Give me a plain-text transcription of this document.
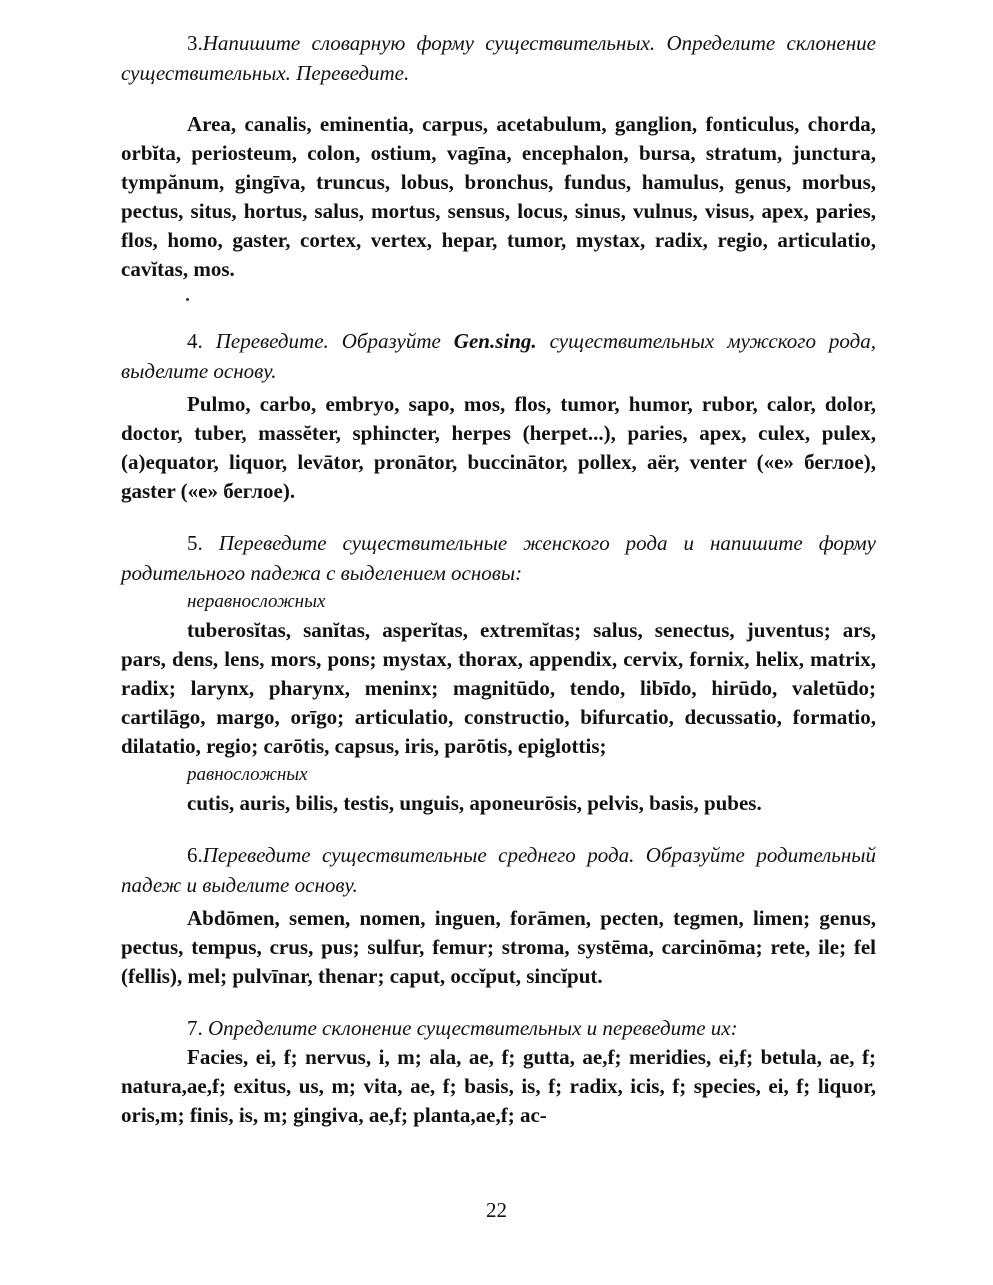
3.Напишите словарную форму существительных. Определите склонение существительных. Переведите.

Area, canalis, eminentia, carpus, acetabulum, ganglion, fonticulus, chorda, orbĭta, periosteum, colon, ostium, vagīna, encephalon, bursa, stratum, junctura, tympănum, gingīva, truncus, lobus, bronchus, fundus, hamulus, genus, morbus, pectus, situs, hortus, salus, mortus, sensus, locus, sinus, vulnus, visus, apex, paries, flos, homo, gaster, cortex, vertex, hepar, tumor, mystax, radix, regio, articulatio, cavĭtas, mos.

4. Переведите. Образуйте Gen.sing. существительных мужского рода, выделите основу.

Pulmo, carbo, embryo, sapo, mos, flos, tumor, humor, rubor, calor, dolor, doctor, tuber, massĕter, sphincter, herpes (herpet...), paries, apex, culex, pulex, (a)equator, liquor, levātor, pronātor, buccinātor, pollex, aër, venter («e» беглое), gaster («e» беглое).

5. Переведите существительные женского рода и напишите форму родительного падежа с выделением основы:

неравносложных

tuberosĭtas, sanĭtas, asperĭtas, extremĭtas; salus, senectus, juventus; ars, pars, dens, lens, mors, pons; mystax, thorax, appendix, cervix, fornix, helix, matrix, radix; larynx, pharynx, meninx; magnitūdo, tendo, libīdo, hirūdo, valetūdo; cartilāgo, margo, orīgo; articulatio, constructio, bifurcatio, decussatio, formatio, dilatatio, regio; carōtis, capsus, iris, parōtis, epiglottis;

равносложных

cutis, auris, bilis, testis, unguis, aponeurōsis, pelvis, basis, pubes.

6.Переведите существительные среднего рода. Образуйте родительный падеж и выделите основу.

Abdōmen, semen, nomen, inguen, forāmen, pecten, tegmen, limen; genus, pectus, tempus, crus, pus; sulfur, femur; stroma, systēma, carcinōma; rete, ile; fel (fellis), mel; pulvīnar, thenar; caput, occĭput, sincĭput.

7. Определите склонение существительных и переведите их:

Facies, ei, f; nervus, i, m; ala, ae, f; gutta, ae,f; meridies, ei,f; betula, ae, f; natura,ae,f; exitus, us, m; vita, ae, f; basis, is, f; radix, icis, f; species, ei, f; liquor, oris,m; finis, is, m; gingiva, ae,f; planta,ae,f; ac-

22
